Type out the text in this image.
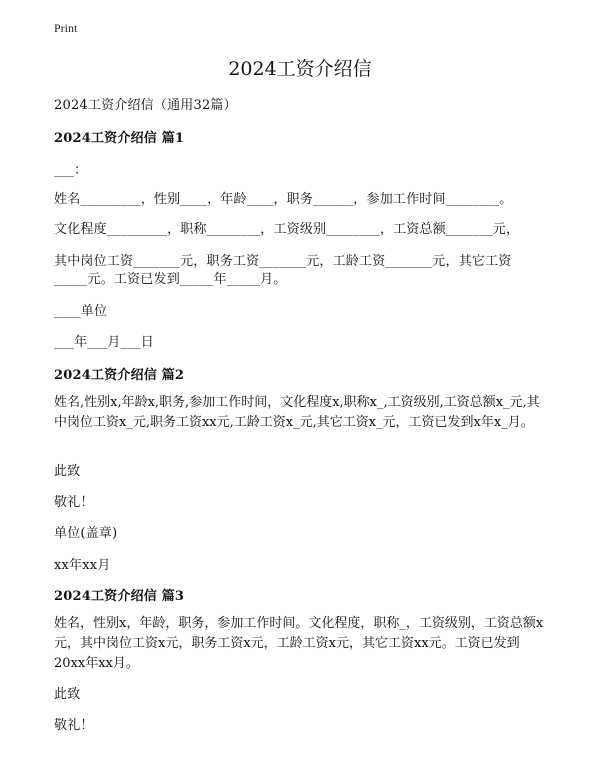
Print
2024工资介绍信
2024工资介绍信（通用32篇）
2024工资介绍信 篇1
___：
姓名_________，性别____，年龄____，职务______，参加工作时间________。
文化程度_________，职称________，工资级别________，工资总额_______元，
其中岗位工资_______元，职务工资_______元，工龄工资_______元，其它工资
_____元。工资已发到_____年_____月。
____单位
___年___月___日
2024工资介绍信 篇2
姓名,性别x,年龄x,职务,参加工作时间，文化程度x,职称x_,工资级别,工资总额x_元,其中岗位工资x_元,职务工资xx元,工龄工资x_元,其它工资x_元，工资已发到x年x_月。
此致
敬礼！
单位(盖章)
xx年xx月
2024工资介绍信 篇3
姓名，性别x，年龄，职务，参加工作时间。文化程度，职称_，工资级别，工资总额x元，其中岗位工资x元，职务工资x元，工龄工资x元，其它工资xx元。工资已发到20xx年xx月。
此致
敬礼！
